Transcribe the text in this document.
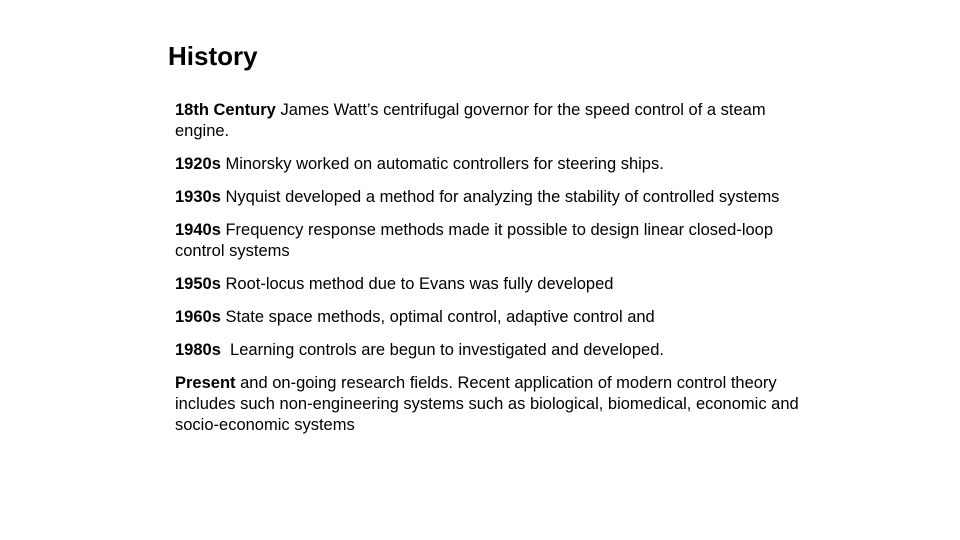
History
18th Century James Watt’s centrifugal governor for the speed control of a steam engine.
1920s Minorsky worked on automatic controllers for steering ships.
1930s Nyquist developed a method for analyzing the stability of controlled systems
1940s Frequency response methods made it possible to design linear closed-loop control systems
1950s Root-locus method due to Evans was fully developed
1960s State space methods, optimal control, adaptive control and
1980s  Learning controls are begun to investigated and developed.
Present and on-going research fields. Recent application of modern control theory includes such non-engineering systems such as biological, biomedical, economic and socio-economic systems
